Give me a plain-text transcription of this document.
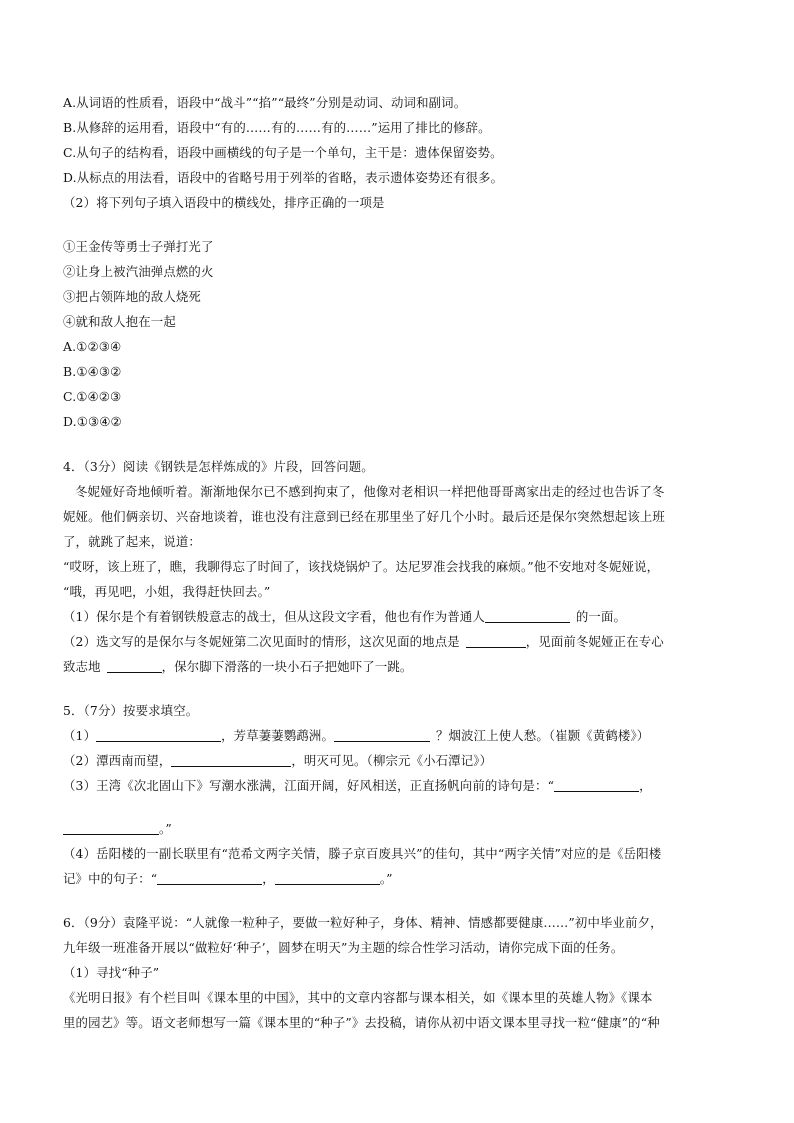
A.从词语的性质看，语段中“战斗”“掐”“最终”分别是动词、动词和副词。

B.从修辞的运用看，语段中“有的……有的……有的……”运用了排比的修辞。

C.从句子的结构看，语段中画横线的句子是一个单句，主干是：遗体保留姿势。

D.从标点的用法看，语段中的省略号用于列举的省略，表示遗体姿势还有很多。

（2）将下列句子填入语段中的横线处，排序正确的一项是

①王金传等勇士子弹打光了

②让身上被汽油弹点燃的火

③把占领阵地的敌人烧死

④就和敌人抱在一起

A.①②③④

B.①④③②

C.①④②③

D.①③④②

4．（3分）阅读《钢铁是怎样炼成的》片段，回答问题。

冬妮娅好奇地倾听着。渐渐地保尔已不感到拘束了，他像对老相识一样把他哥哥离家出走的经过也告诉了冬

妮娅。他们俩亲切、兴奋地谈着，谁也没有注意到已经在那里坐了好几个小时。最后还是保尔突然想起该上班

了，就跳了起来，说道：

“哎呀，该上班了，瞧，我聊得忘了时间了，该找烧锅炉了。达尼罗准会找我的麻烦。”他不安地对冬妮娅说，

“哦，再见吧，小姐，我得赶快回去。”

（1）保尔是个有着钢铁般意志的战士，但从这段文字看，他也有作为普通人	的一面。

（2）选文写的是保尔与冬妮娅第二次见面时的情形，这次见面的地点是	，见面前冬妮娅正在专心

致志地	，保尔脚下滑落的一块小石子把她吓了一跳。

5．（7分）按要求填空。

（1）	，芳草萋萋鹦鹉洲。	？烟波江上使人愁。（崔颢《黄鹤楼》）

（2）潭西南而望，	，明灭可见。（柳宗元《小石潭记》）

（3）王湾《次北固山下》写潮水涨满，江面开阔，好风相送，正直扬帆向前的诗句是：“	，

。”

（4）岳阳楼的一副长联里有“范希文两字关情，滕子京百废具兴”的佳句，其中“两字关情”对应的是《岳阳楼

记》中的句子：“	，	。”

6．（9分）袁隆平说：“人就像一粒种子，要做一粒好种子，身体、精神、情感都要健康……”初中毕业前夕，

九年级一班准备开展以“做粒好‘种子’，圆梦在明天”为主题的综合性学习活动，请你完成下面的任务。

（1）寻找“种子”

《光明日报》有个栏目叫《课本里的中国》，其中的文章内容都与课本相关，如《课本里的英雄人物》《课本

里的园艺》等。语文老师想写一篇《课本里的“种子”》去投稿，请你从初中语文课本里寻找一粒“健康”的“种
